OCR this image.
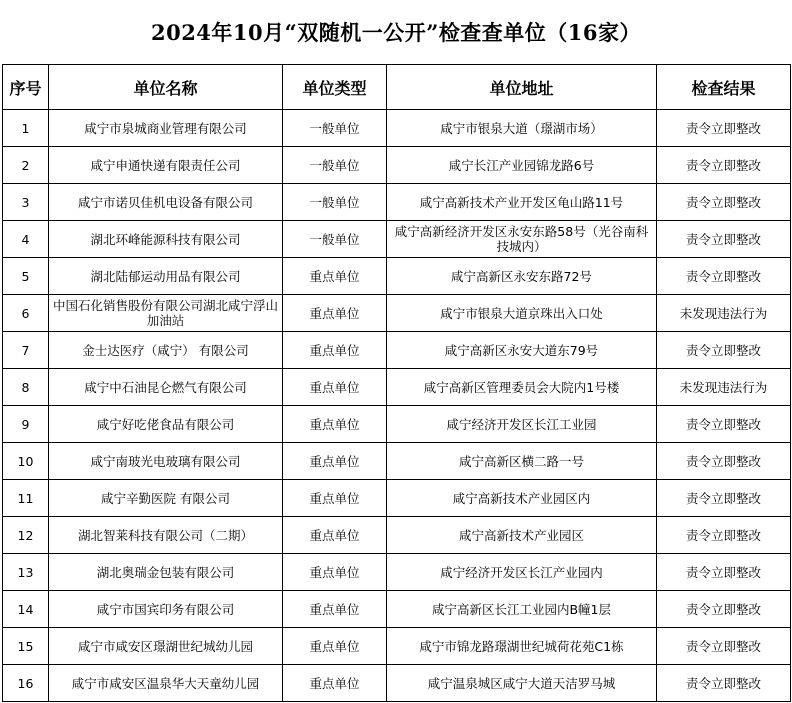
2024年10月“双随机一公开”检查查单位（16家）
序号	单位名称	单位类型	单位地址	检查结果
1	咸宁市泉城商业管理有限公司	一般单位	咸宁市银泉大道（璟湖市场）	责令立即整改
2	咸宁申通快递有限责任公司	一般单位	咸宁长江产业园锦龙路6号	责令立即整改
3	咸宁市诺贝佳机电设备有限公司	一般单位	咸宁高新技术产业开发区龟山路11号	责令立即整改
4	湖北环峰能源科技有限公司	一般单位	咸宁高新经济开发区永安东路58号（光谷南科技城内）	责令立即整改
5	湖北陆郁运动用品有限公司	重点单位	咸宁高新区永安东路72号	责令立即整改
6	中国石化销售股份有限公司湖北咸宁浮山加油站	重点单位	咸宁市银泉大道京珠出入口处	未发现违法行为
7	金士达医疗（咸宁） 有限公司	重点单位	咸宁高新区永安大道东79号	责令立即整改
8	咸宁中石油昆仑燃气有限公司	重点单位	咸宁高新区管理委员会大院内1号楼	未发现违法行为
9	咸宁好吃佬食品有限公司	重点单位	咸宁经济开发区长江工业园	责令立即整改
10	咸宁南玻光电玻璃有限公司	重点单位	咸宁高新区横二路一号	责令立即整改
11	咸宁辛勤医院 有限公司	重点单位	咸宁高新技术产业园区内	责令立即整改
12	湖北智莱科技有限公司（二期）	重点单位	咸宁高新技术产业园区	责令立即整改
13	湖北奥瑞金包装有限公司	重点单位	咸宁经济开发区长江产业园内	责令立即整改
14	咸宁市国宾印务有限公司	重点单位	咸宁高新区长江工业园内B幢1层	责令立即整改
15	咸宁市咸安区璟湖世纪城幼儿园	重点单位	咸宁市锦龙路璟湖世纪城荷花苑C1栋	责令立即整改
16	咸宁市咸安区温泉华大天童幼儿园	重点单位	咸宁温泉城区咸宁大道天洁罗马城	责令立即整改
